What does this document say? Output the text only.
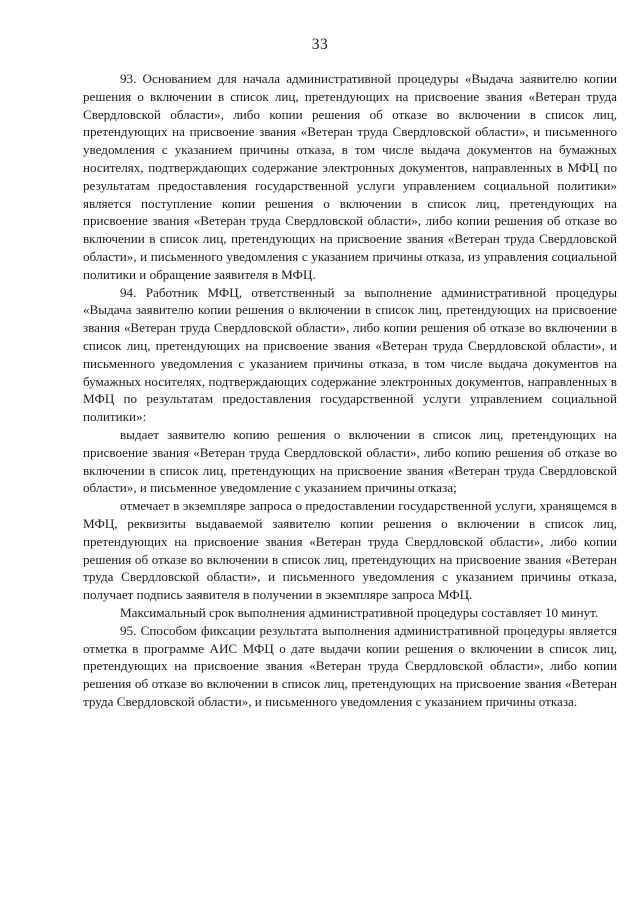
33

93. Основанием для начала административной процедуры «Выдача заявителю копии решения о включении в список лиц, претендующих на присвоение звания «Ветеран труда Свердловской области», либо копии решения об отказе во включении в список лиц, претендующих на присвоение звания «Ветеран труда Свердловской области», и письменного уведомления с указанием причины отказа, в том числе выдача документов на бумажных носителях, подтверждающих содержание электронных документов, направленных в МФЦ по результатам предоставления государственной услуги управлением социальной политики» является поступление копии решения о включении в список лиц, претендующих на присвоение звания «Ветеран труда Свердловской области», либо копии решения об отказе во включении в список лиц, претендующих на присвоение звания «Ветеран труда Свердловской области», и письменного уведомления с указанием причины отказа, из управления социальной политики и обращение заявителя в МФЦ.

94. Работник МФЦ, ответственный за выполнение административной процедуры «Выдача заявителю копии решения о включении в список лиц, претендующих на присвоение звания «Ветеран труда Свердловской области», либо копии решения об отказе во включении в список лиц, претендующих на присвоение звания «Ветеран труда Свердловской области», и письменного уведомления с указанием причины отказа, в том числе выдача документов на бумажных носителях, подтверждающих содержание электронных документов, направленных в МФЦ по результатам предоставления государственной услуги управлением социальной политики»:

выдает заявителю копию решения о включении в список лиц, претендующих на присвоение звания «Ветеран труда Свердловской области», либо копию решения об отказе во включении в список лиц, претендующих на присвоение звания «Ветеран труда Свердловской области», и письменное уведомление с указанием причины отказа;

отмечает в экземпляре запроса о предоставлении государственной услуги, хранящемся в МФЦ, реквизиты выдаваемой заявителю копии решения о включении в список лиц, претендующих на присвоение звания «Ветеран труда Свердловской области», либо копии решения об отказе во включении в список лиц, претендующих на присвоение звания «Ветеран труда Свердловской области», и письменного уведомления с указанием причины отказа, получает подпись заявителя в получении в экземпляре запроса МФЦ.

Максимальный срок выполнения административной процедуры составляет 10 минут.

95. Способом фиксации результата выполнения административной процедуры является отметка в программе АИС МФЦ о дате выдачи копии решения о включении в список лиц, претендующих на присвоение звания «Ветеран труда Свердловской области», либо копии решения об отказе во включении в список лиц, претендующих на присвоение звания «Ветеран труда Свердловской области», и письменного уведомления с указанием причины отказа.
